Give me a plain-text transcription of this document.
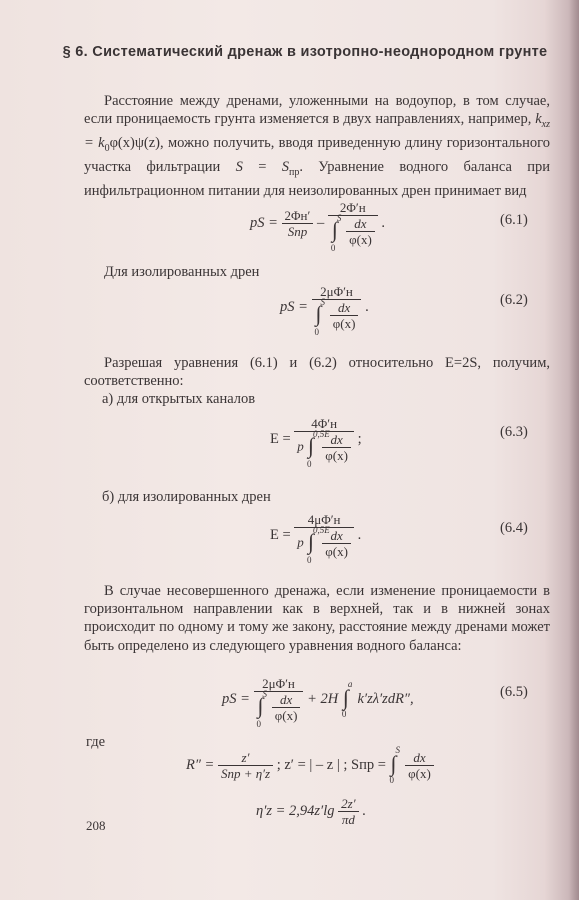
§ 6. Систематический дренаж в изотропно-неоднородном грунте
Расстояние между дренами, уложенными на водоупор, в том случае, если проницаемость грунта изменяется в двух направлениях, например, $k_{xz} = k_0\varphi(x)\psi(z)$, можно получить, вводя приведенную длину горизонтального участка фильтрации $S = S_{пр}$. Уравнение водного баланса при инфильтрационном питании для неизолированных дрен принимает вид
pS = $\frac{2\Phi н'}{\text{Sпр}} - 2\Phi'н$
∫
S
0

$\frac{dx}{\varphi(x)}$ .	(6.1)
Для изолированных дрен
pS = 2μΦ′н
∫
S
0

$\frac{dx}{\varphi(x)}$ .	(6.2)
Разрешая уравнения (6.1) и (6.2) относительно E=2S, получим, соответственно:
а) для открытых каналов
E = 4Φ′н
p ∫
0,5E
0

$\frac{dx}{\varphi(x)}$ ;	(6.3)
б) для изолированных дрен
E = 4μΦ′н
p ∫
0,5E
0

$\frac{dx}{\varphi(x)}$ .	(6.4)
В случае несовершенного дренажа, если изменение проницаемости в горизонтальном направлении как в верхней, так и в нижней зонах происходит по одному и тому же закону, расстояние между дренами может быть определено из следующего уравнения водного баланса:
pS = 2μΦ′н
∫
S
0

$\frac{dx}{\varphi(x)} + 2H$ ∫
a
0
k′zλ′zdR″,	(6.5)
где
$R'' = \frac{z'}{\text{Sпр + η′z}}$ ; z′ = | – z | ; Sпр = ∫
S
0
$\frac{dx}{\varphi(x)}$
$\eta'z = 2,94z'\lg \frac{2z'}{\pi d}$ .
208
